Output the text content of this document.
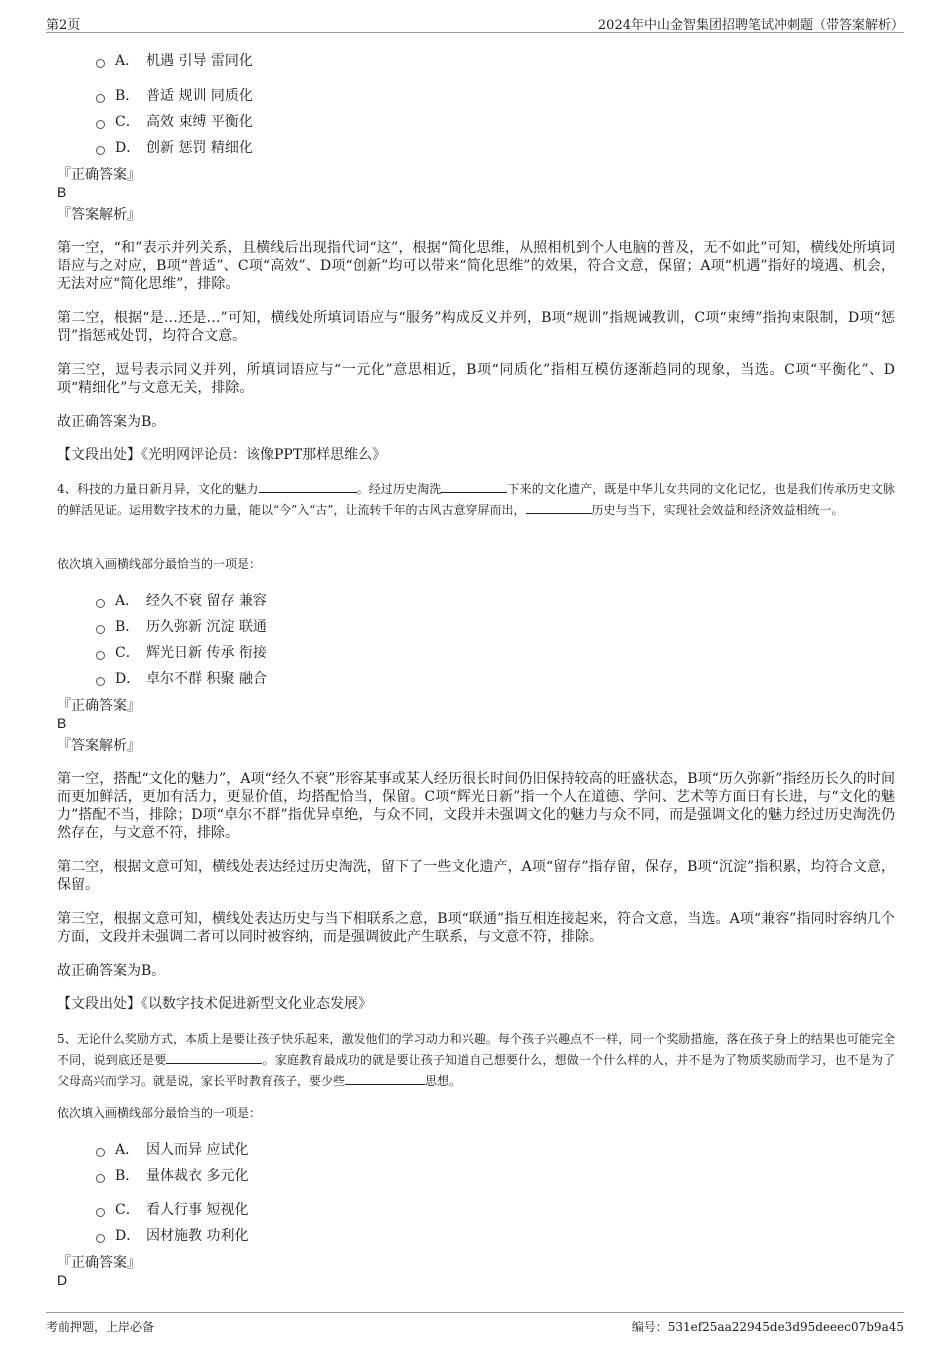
第2页	2024年中山金智集团招聘笔试冲刺题（带答案解析）
A． 机遇 引导 雷同化
B． 普适 规训 同质化
C． 高效 束缚 平衡化
D． 创新 惩罚 精细化
『正确答案』
B
『答案解析』

第一空，“和”表示并列关系，且横线后出现指代词“这”，根据“简化思维，从照相机到个人电脑的普及，无不如此”可知，横线处所填词语应与之对应，B项“普适”、C项“高效”、D项“创新”均可以带来“简化思维”的效果，符合文意，保留；A项“机遇”指好的境遇、机会，无法对应“简化思维”，排除。

第二空，根据“是…还是…”可知，横线处所填词语应与“服务”构成反义并列，B项“规训”指规诫教训，C项“束缚”指拘束限制，D项“惩罚”指惩戒处罚，均符合文意。

第三空，逗号表示同义并列，所填词语应与“一元化”意思相近，B项“同质化”指相互模仿逐渐趋同的现象，当选。C项“平衡化”、D项“精细化”与文意无关，排除。

故正确答案为B。

【文段出处】《光明网评论员：该像PPT那样思维么》

4、科技的力量日新月异，文化的魅力	。经过历史淘洗	下来的文化遗产，既是中华儿女共同的文化记忆，也是我们传承历史文脉的鲜活见证。运用数字技术的力量，能以“今”入“古”，让流转千年的古风古意穿屏而出，	历史与当下，实现社会效益和经济效益相统一。

依次填入画横线部分最恰当的一项是：
A． 经久不衰 留存 兼容
B． 历久弥新 沉淀 联通
C． 辉光日新 传承 衔接
D． 卓尔不群 积聚 融合
『正确答案』
B
『答案解析』

第一空，搭配“文化的魅力”，A项“经久不衰”形容某事或某人经历很长时间仍旧保持较高的旺盛状态，B项“历久弥新”指经历长久的时间而更加鲜活，更加有活力，更显价值，均搭配恰当，保留。C项“辉光日新”指一个人在道德、学问、艺术等方面日有长进，与“文化的魅力”搭配不当，排除；D项“卓尔不群”指优异卓绝，与众不同，文段并未强调文化的魅力与众不同，而是强调文化的魅力经过历史淘洗仍然存在，与文意不符，排除。

第二空，根据文意可知，横线处表达经过历史淘洗，留下了一些文化遗产，A项“留存”指存留，保存，B项“沉淀”指积累，均符合文意，保留。

第三空，根据文意可知，横线处表达历史与当下相联系之意，B项“联通”指互相连接起来，符合文意，当选。A项“兼容”指同时容纳几个方面，文段并未强调二者可以同时被容纳，而是强调彼此产生联系，与文意不符，排除。

故正确答案为B。

【文段出处】《以数字技术促进新型文化业态发展》

5、无论什么奖励方式，本质上是要让孩子快乐起来，激发他们的学习动力和兴趣。每个孩子兴趣点不一样，同一个奖励措施，落在孩子身上的结果也可能完全不同，说到底还是要	。家庭教育最成功的就是要让孩子知道自己想要什么，想做一个什么样的人，并不是为了物质奖励而学习，也不是为了父母高兴而学习。就是说，家长平时教育孩子，要少些	思想。

依次填入画横线部分最恰当的一项是：
A． 因人而异 应试化
B． 量体裁衣 多元化
C． 看人行事 短视化
D． 因材施教 功利化
『正确答案』
D
考前押题，上岸必备	编号：531ef25aa22945de3d95deeec07b9a45
